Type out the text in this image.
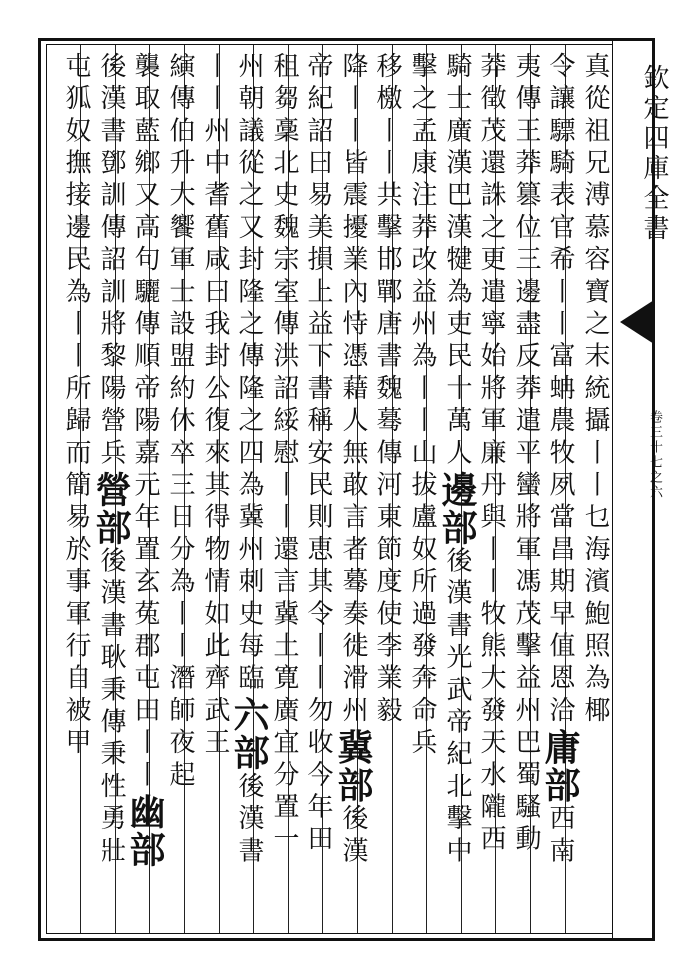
欽定四庫全書
卷三十七之六
真從祖兄溥慕容寶之末統攝丨丨乜海濱鮑照為椰
令讓驃騎表官希丨丨富蚺農牧夙當昌期早值恩洽庸部西南
夷傳王莽篡位三邊盡反莽遣平蠻將軍馮茂擊益州巴蜀騷動
莽徵茂還誅之更遣寧始將軍廉丹與丨丨牧熊大發天水隴西
騎士廣漢巴漢犍為吏民十萬人邊部後漢書光武帝紀北擊中
擊之孟康注莽改益州為丨丨山拔盧奴所過發奔命兵
移檄丨丨共擊邯鄲唐書魏蓦傳河東節度使李業毅
降丨丨皆震擾業內恃憑藉人無敢言者蓦奏徙滑州冀部後漢
帝紀詔曰易美損上益下書稱安民則恵其令丨丨勿收今年田
租芻稾北史魏宗室傳洪詔綏慰丨丨還言冀土寛廣宜分置一
州朝議從之又封隆之傳隆之四為冀州刺史每臨六部後漢書
丨丨州中耆舊咸曰我封公復來其得物情如此齊武王
縯傳伯升大饗軍士設盟約休卒三日分為丨丨潛師夜起
襲取藍鄉又高句驪傳順帝陽嘉元年置玄菟郡屯田丨丨幽部
後漢書鄧訓傳詔訓將黎陽營兵營部後漢書耿秉傳秉性勇壯
屯狐奴撫接邊民為丨丨所歸而簡易於事軍行自被甲
